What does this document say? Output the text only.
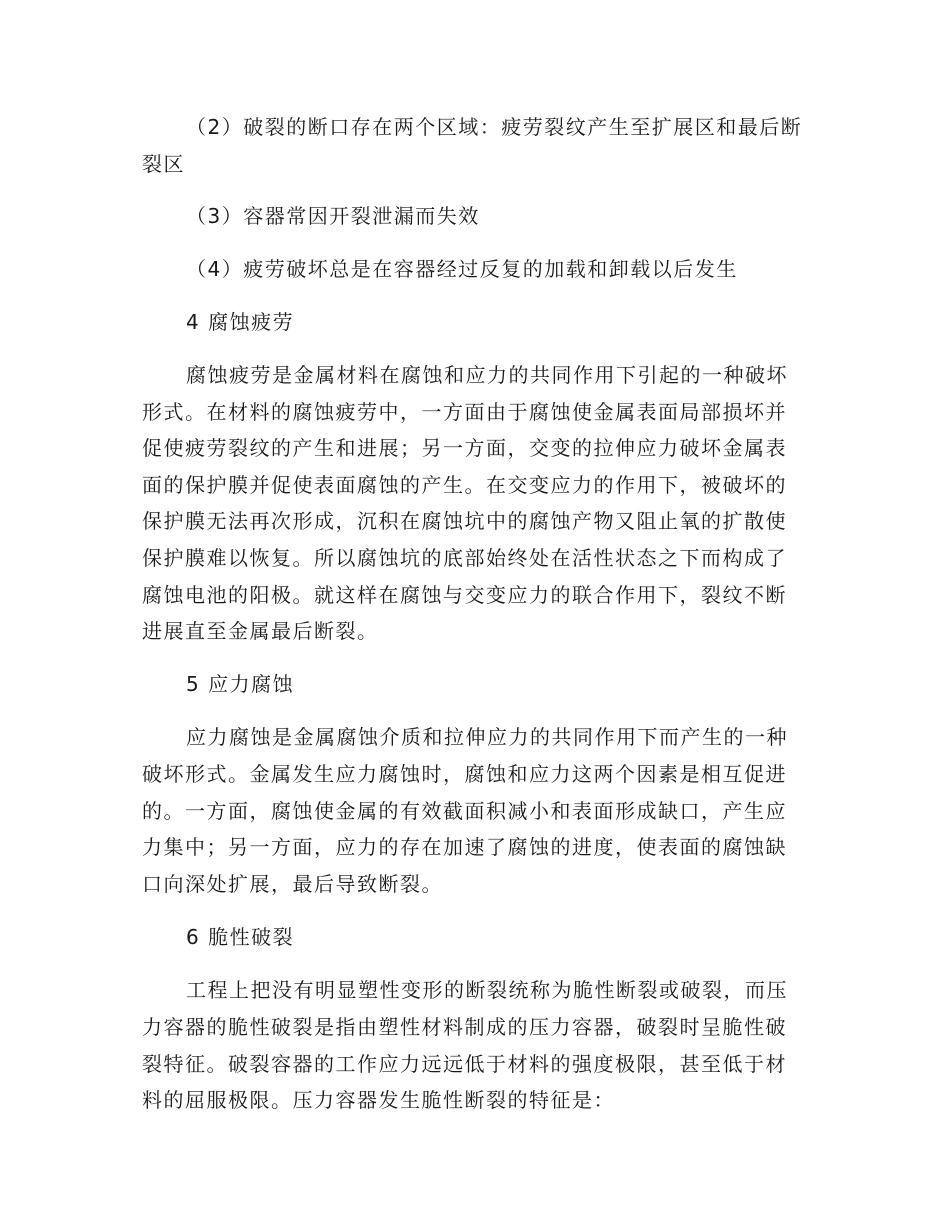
（2）破裂的断口存在两个区域：疲劳裂纹产生至扩展区和最后断
裂区
（3）容器常因开裂泄漏而失效
（4）疲劳破坏总是在容器经过反复的加载和卸载以后发生
4 腐蚀疲劳
腐蚀疲劳是金属材料在腐蚀和应力的共同作用下引起的一种破坏
形式。在材料的腐蚀疲劳中，一方面由于腐蚀使金属表面局部损坏并
促使疲劳裂纹的产生和进展；另一方面，交变的拉伸应力破坏金属表
面的保护膜并促使表面腐蚀的产生。在交变应力的作用下，被破坏的
保护膜无法再次形成，沉积在腐蚀坑中的腐蚀产物又阻止氧的扩散使
保护膜难以恢复。所以腐蚀坑的底部始终处在活性状态之下而构成了
腐蚀电池的阳极。就这样在腐蚀与交变应力的联合作用下，裂纹不断
进展直至金属最后断裂。
5 应力腐蚀
应力腐蚀是金属腐蚀介质和拉伸应力的共同作用下而产生的一种
破坏形式。金属发生应力腐蚀时，腐蚀和应力这两个因素是相互促进
的。一方面，腐蚀使金属的有效截面积减小和表面形成缺口，产生应
力集中；另一方面，应力的存在加速了腐蚀的进度，使表面的腐蚀缺
口向深处扩展，最后导致断裂。
6 脆性破裂
工程上把没有明显塑性变形的断裂统称为脆性断裂或破裂，而压
力容器的脆性破裂是指由塑性材料制成的压力容器，破裂时呈脆性破
裂特征。破裂容器的工作应力远远低于材料的强度极限，甚至低于材
料的屈服极限。压力容器发生脆性断裂的特征是：
